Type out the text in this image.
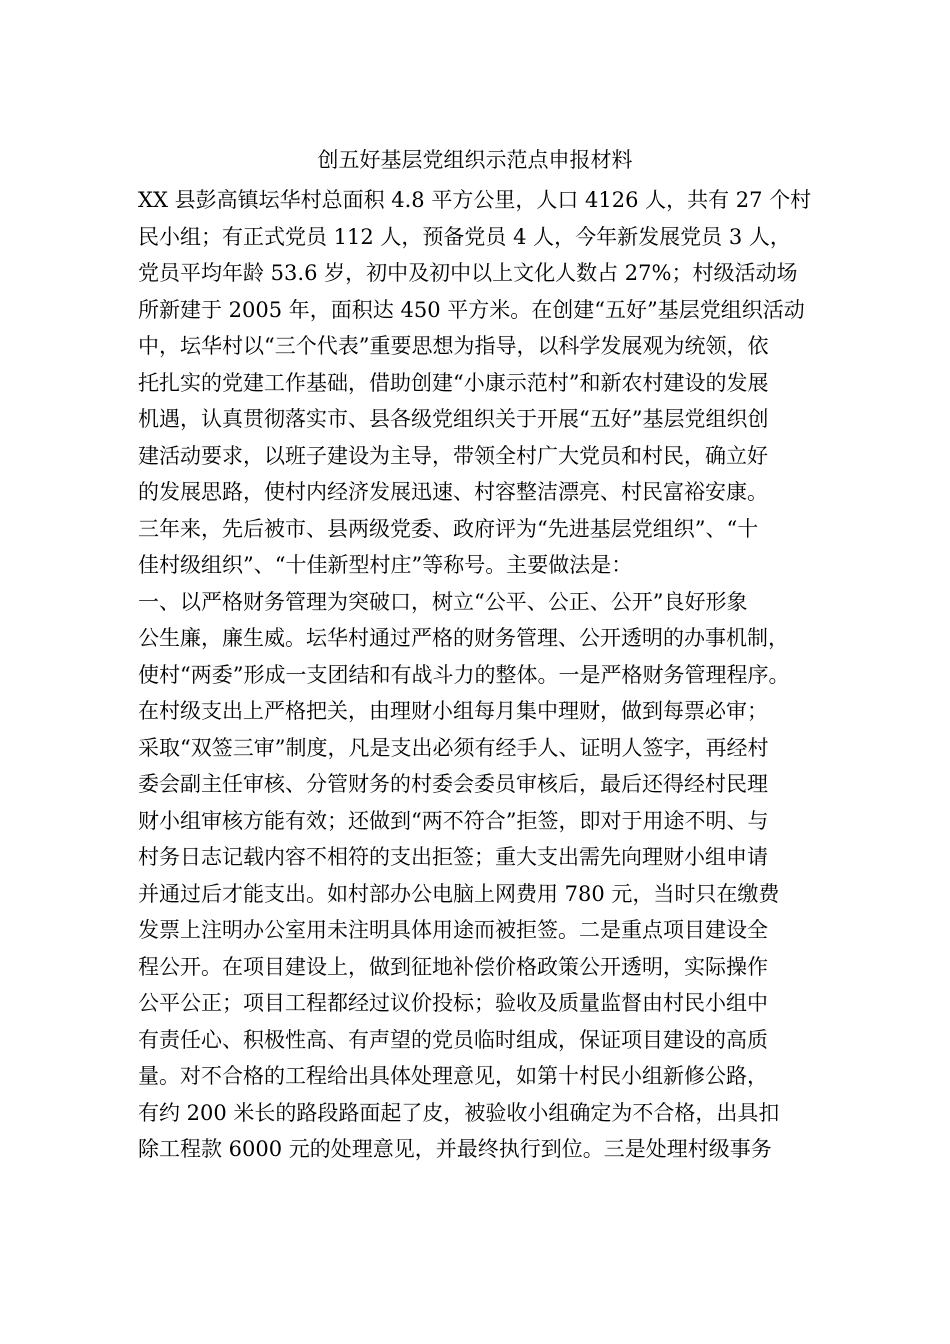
创五好基层党组织示范点申报材料
XX 县彭高镇坛华村总面积 4.8 平方公里，人口 4126 人，共有 27 个村
民小组；有正式党员 112 人，预备党员 4 人，今年新发展党员 3 人，
党员平均年龄 53.6 岁，初中及初中以上文化人数占 27%；村级活动场
所新建于 2005 年，面积达 450 平方米。在创建“五好”基层党组织活动
中，坛华村以“三个代表”重要思想为指导，以科学发展观为统领，依
托扎实的党建工作基础，借助创建“小康示范村”和新农村建设的发展
机遇，认真贯彻落实市、县各级党组织关于开展“五好”基层党组织创
建活动要求，以班子建设为主导，带领全村广大党员和村民，确立好
的发展思路，使村内经济发展迅速、村容整洁漂亮、村民富裕安康。
三年来，先后被市、县两级党委、政府评为“先进基层党组织”、“十
佳村级组织”、“十佳新型村庄”等称号。主要做法是：
一、以严格财务管理为突破口，树立“公平、公正、公开”良好形象
公生廉，廉生威。坛华村通过严格的财务管理、公开透明的办事机制，
使村“两委”形成一支团结和有战斗力的整体。一是严格财务管理程序。
在村级支出上严格把关，由理财小组每月集中理财，做到每票必审；
采取“双签三审”制度，凡是支出必须有经手人、证明人签字，再经村
委会副主任审核、分管财务的村委会委员审核后，最后还得经村民理
财小组审核方能有效；还做到“两不符合”拒签，即对于用途不明、与
村务日志记载内容不相符的支出拒签；重大支出需先向理财小组申请
并通过后才能支出。如村部办公电脑上网费用 780 元，当时只在缴费
发票上注明办公室用未注明具体用途而被拒签。二是重点项目建设全
程公开。在项目建设上，做到征地补偿价格政策公开透明，实际操作
公平公正；项目工程都经过议价投标；验收及质量监督由村民小组中
有责任心、积极性高、有声望的党员临时组成，保证项目建设的高质
量。对不合格的工程给出具体处理意见，如第十村民小组新修公路，
有约 200 米长的路段路面起了皮，被验收小组确定为不合格，出具扣
除工程款 6000 元的处理意见，并最终执行到位。三是处理村级事务
